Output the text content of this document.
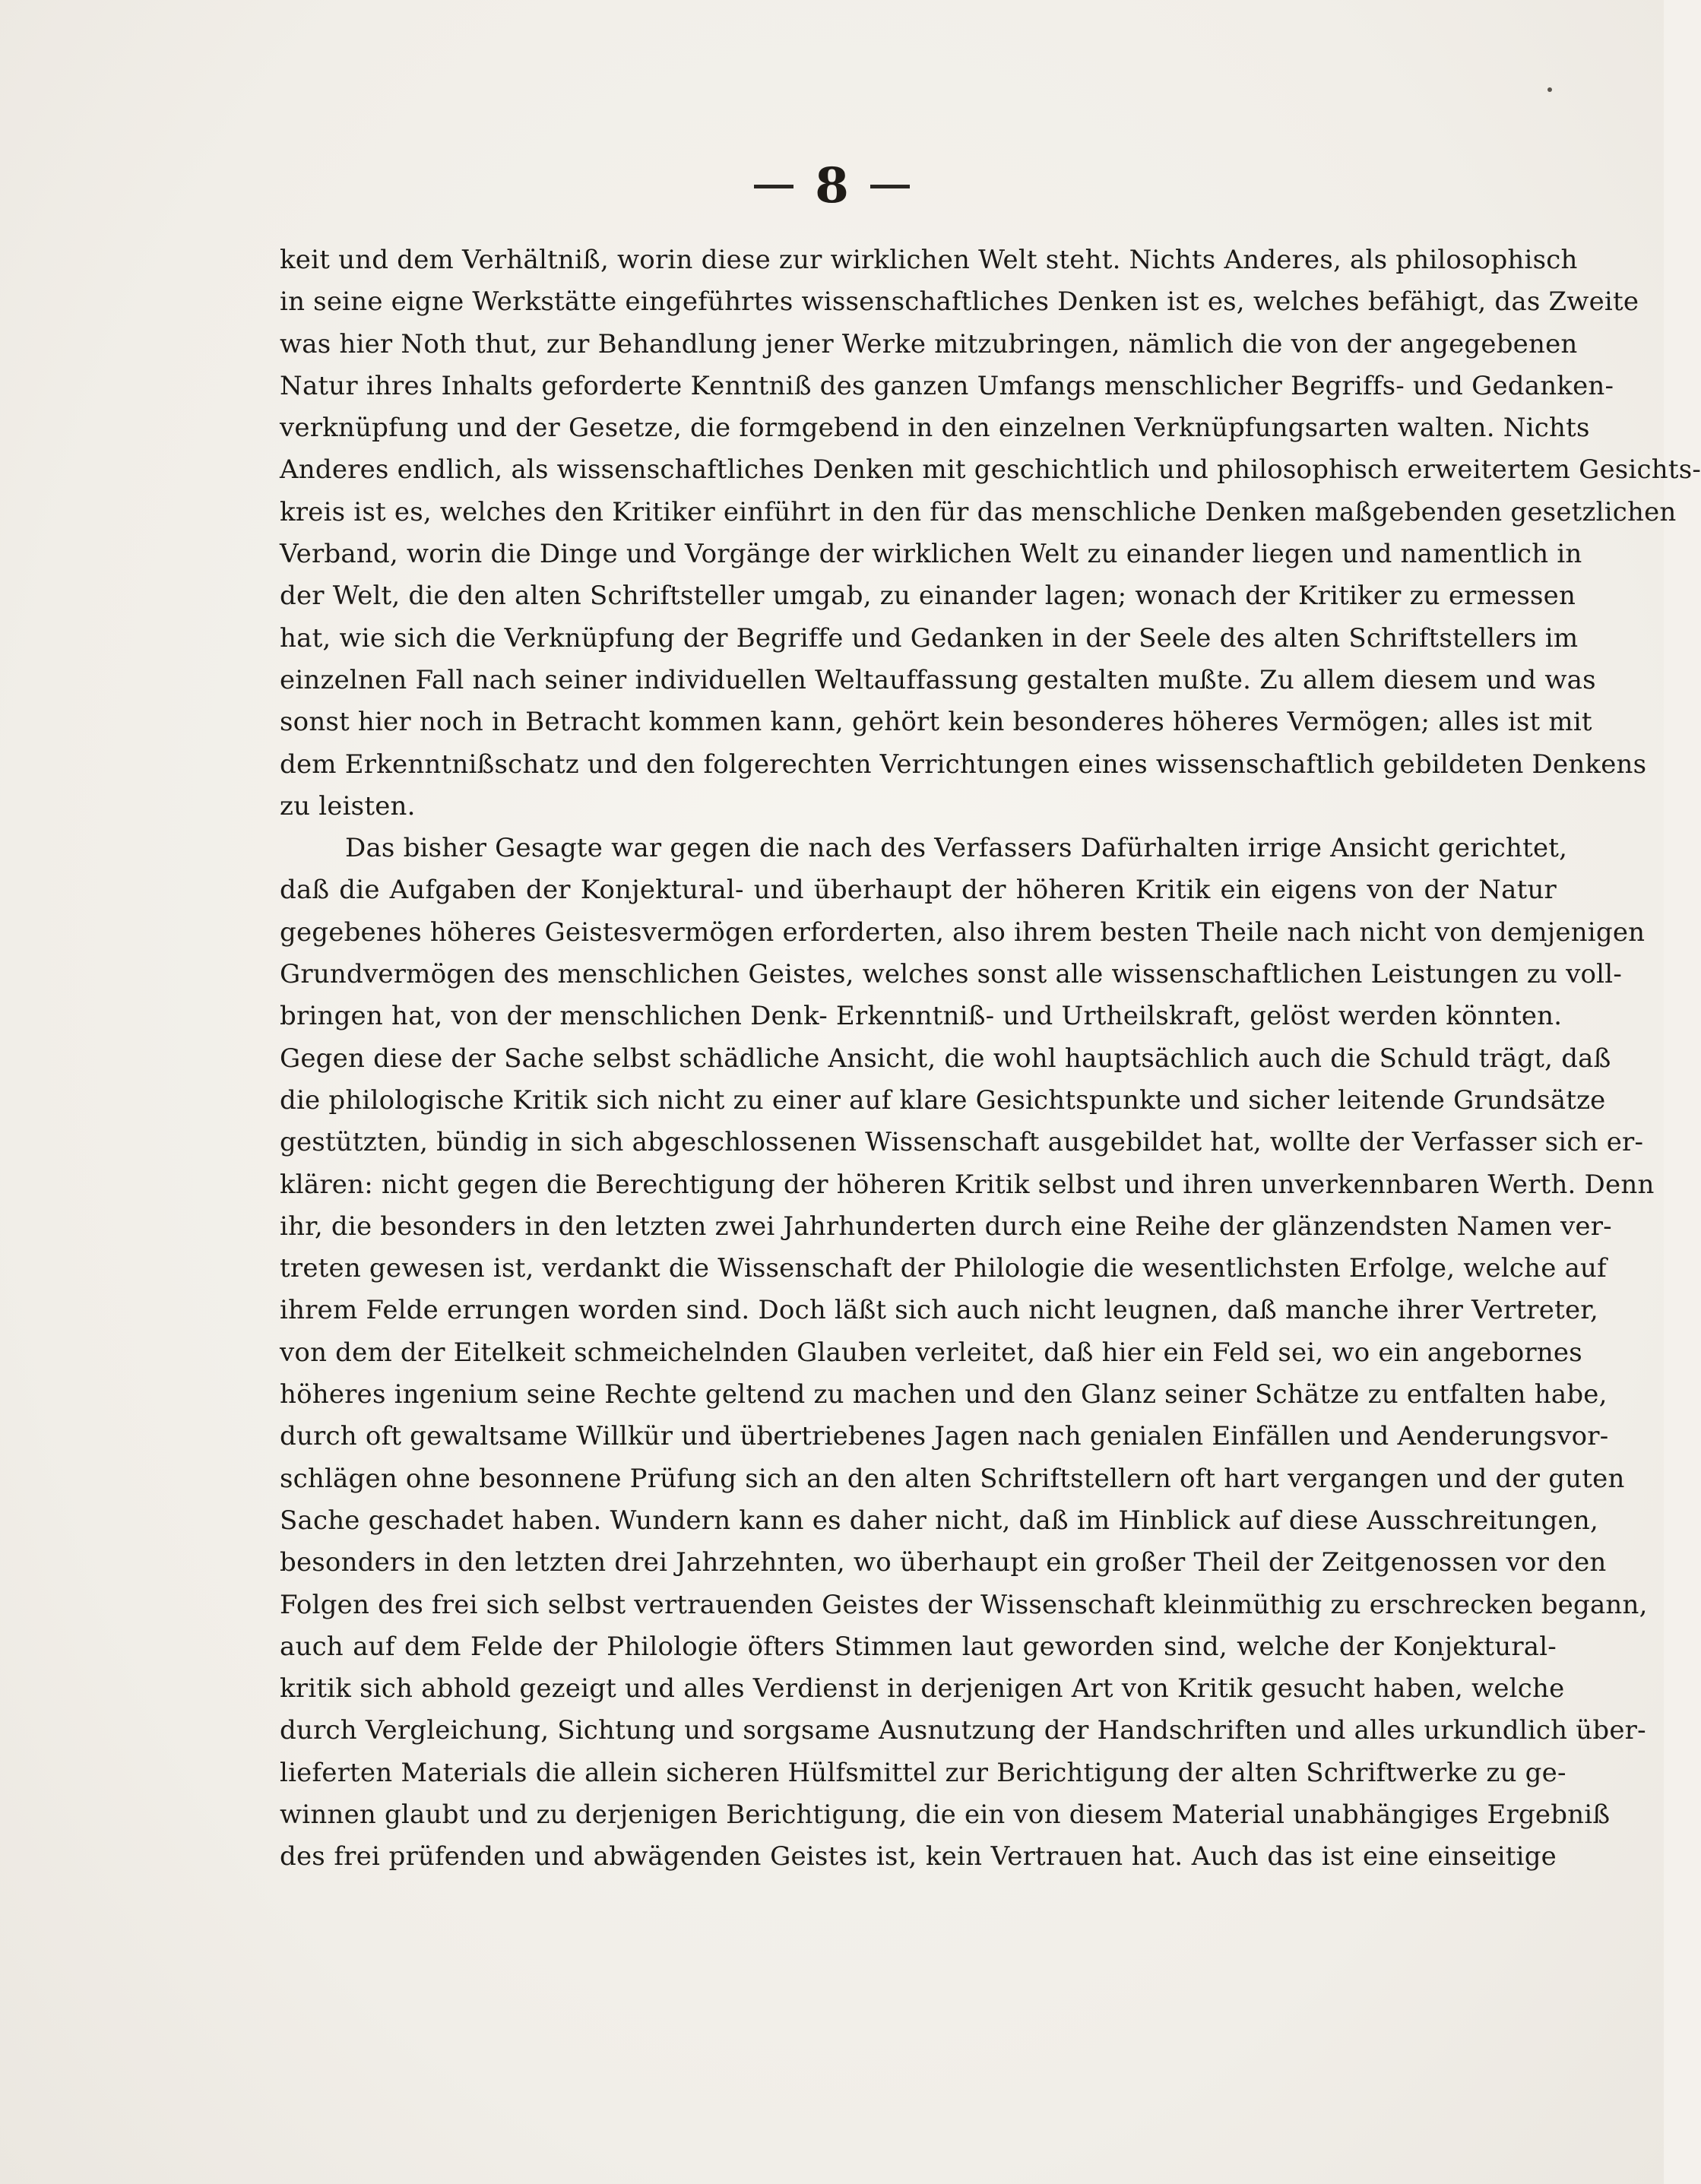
8
keit und dem Verhältniß, worin diese zur wirklichen Welt steht. Nichts Anderes, als philosophisch
in seine eigne Werkstätte eingeführtes wissenschaftliches Denken ist es, welches befähigt, das Zweite
was hier Noth thut, zur Behandlung jener Werke mitzubringen, nämlich die von der angegebenen
Natur ihres Inhalts geforderte Kenntniß des ganzen Umfangs menschlicher Begriffs- und Gedanken-
verknüpfung und der Gesetze, die formgebend in den einzelnen Verknüpfungsarten walten. Nichts
Anderes endlich, als wissenschaftliches Denken mit geschichtlich und philosophisch erweitertem Gesichts-
kreis ist es, welches den Kritiker einführt in den für das menschliche Denken maßgebenden gesetzlichen
Verband, worin die Dinge und Vorgänge der wirklichen Welt zu einander liegen und namentlich in
der Welt, die den alten Schriftsteller umgab, zu einander lagen; wonach der Kritiker zu ermessen
hat, wie sich die Verknüpfung der Begriffe und Gedanken in der Seele des alten Schriftstellers im
einzelnen Fall nach seiner individuellen Weltauffassung gestalten mußte. Zu allem diesem und was
sonst hier noch in Betracht kommen kann, gehört kein besonderes höheres Vermögen; alles ist mit
dem Erkenntnißschatz und den folgerechten Verrichtungen eines wissenschaftlich gebildeten Denkens
zu leisten.
Das bisher Gesagte war gegen die nach des Verfassers Dafürhalten irrige Ansicht gerichtet,
daß die Aufgaben der Konjektural- und überhaupt der höheren Kritik ein eigens von der Natur
gegebenes höheres Geistesvermögen erforderten, also ihrem besten Theile nach nicht von demjenigen
Grundvermögen des menschlichen Geistes, welches sonst alle wissenschaftlichen Leistungen zu voll-
bringen hat, von der menschlichen Denk- Erkenntniß- und Urtheilskraft, gelöst werden könnten.
Gegen diese der Sache selbst schädliche Ansicht, die wohl hauptsächlich auch die Schuld trägt, daß
die philologische Kritik sich nicht zu einer auf klare Gesichtspunkte und sicher leitende Grundsätze
gestützten, bündig in sich abgeschlossenen Wissenschaft ausgebildet hat, wollte der Verfasser sich er-
klären: nicht gegen die Berechtigung der höheren Kritik selbst und ihren unverkennbaren Werth. Denn
ihr, die besonders in den letzten zwei Jahrhunderten durch eine Reihe der glänzendsten Namen ver-
treten gewesen ist, verdankt die Wissenschaft der Philologie die wesentlichsten Erfolge, welche auf
ihrem Felde errungen worden sind. Doch läßt sich auch nicht leugnen, daß manche ihrer Vertreter,
von dem der Eitelkeit schmeichelnden Glauben verleitet, daß hier ein Feld sei, wo ein angebornes
höheres ingenium seine Rechte geltend zu machen und den Glanz seiner Schätze zu entfalten habe,
durch oft gewaltsame Willkür und übertriebenes Jagen nach genialen Einfällen und Aenderungsvor-
schlägen ohne besonnene Prüfung sich an den alten Schriftstellern oft hart vergangen und der guten
Sache geschadet haben. Wundern kann es daher nicht, daß im Hinblick auf diese Ausschreitungen,
besonders in den letzten drei Jahrzehnten, wo überhaupt ein großer Theil der Zeitgenossen vor den
Folgen des frei sich selbst vertrauenden Geistes der Wissenschaft kleinmüthig zu erschrecken begann,
auch auf dem Felde der Philologie öfters Stimmen laut geworden sind, welche der Konjektural-
kritik sich abhold gezeigt und alles Verdienst in derjenigen Art von Kritik gesucht haben, welche
durch Vergleichung, Sichtung und sorgsame Ausnutzung der Handschriften und alles urkundlich über-
lieferten Materials die allein sicheren Hülfsmittel zur Berichtigung der alten Schriftwerke zu ge-
winnen glaubt und zu derjenigen Berichtigung, die ein von diesem Material unabhängiges Ergebniß
des frei prüfenden und abwägenden Geistes ist, kein Vertrauen hat. Auch das ist eine einseitige
